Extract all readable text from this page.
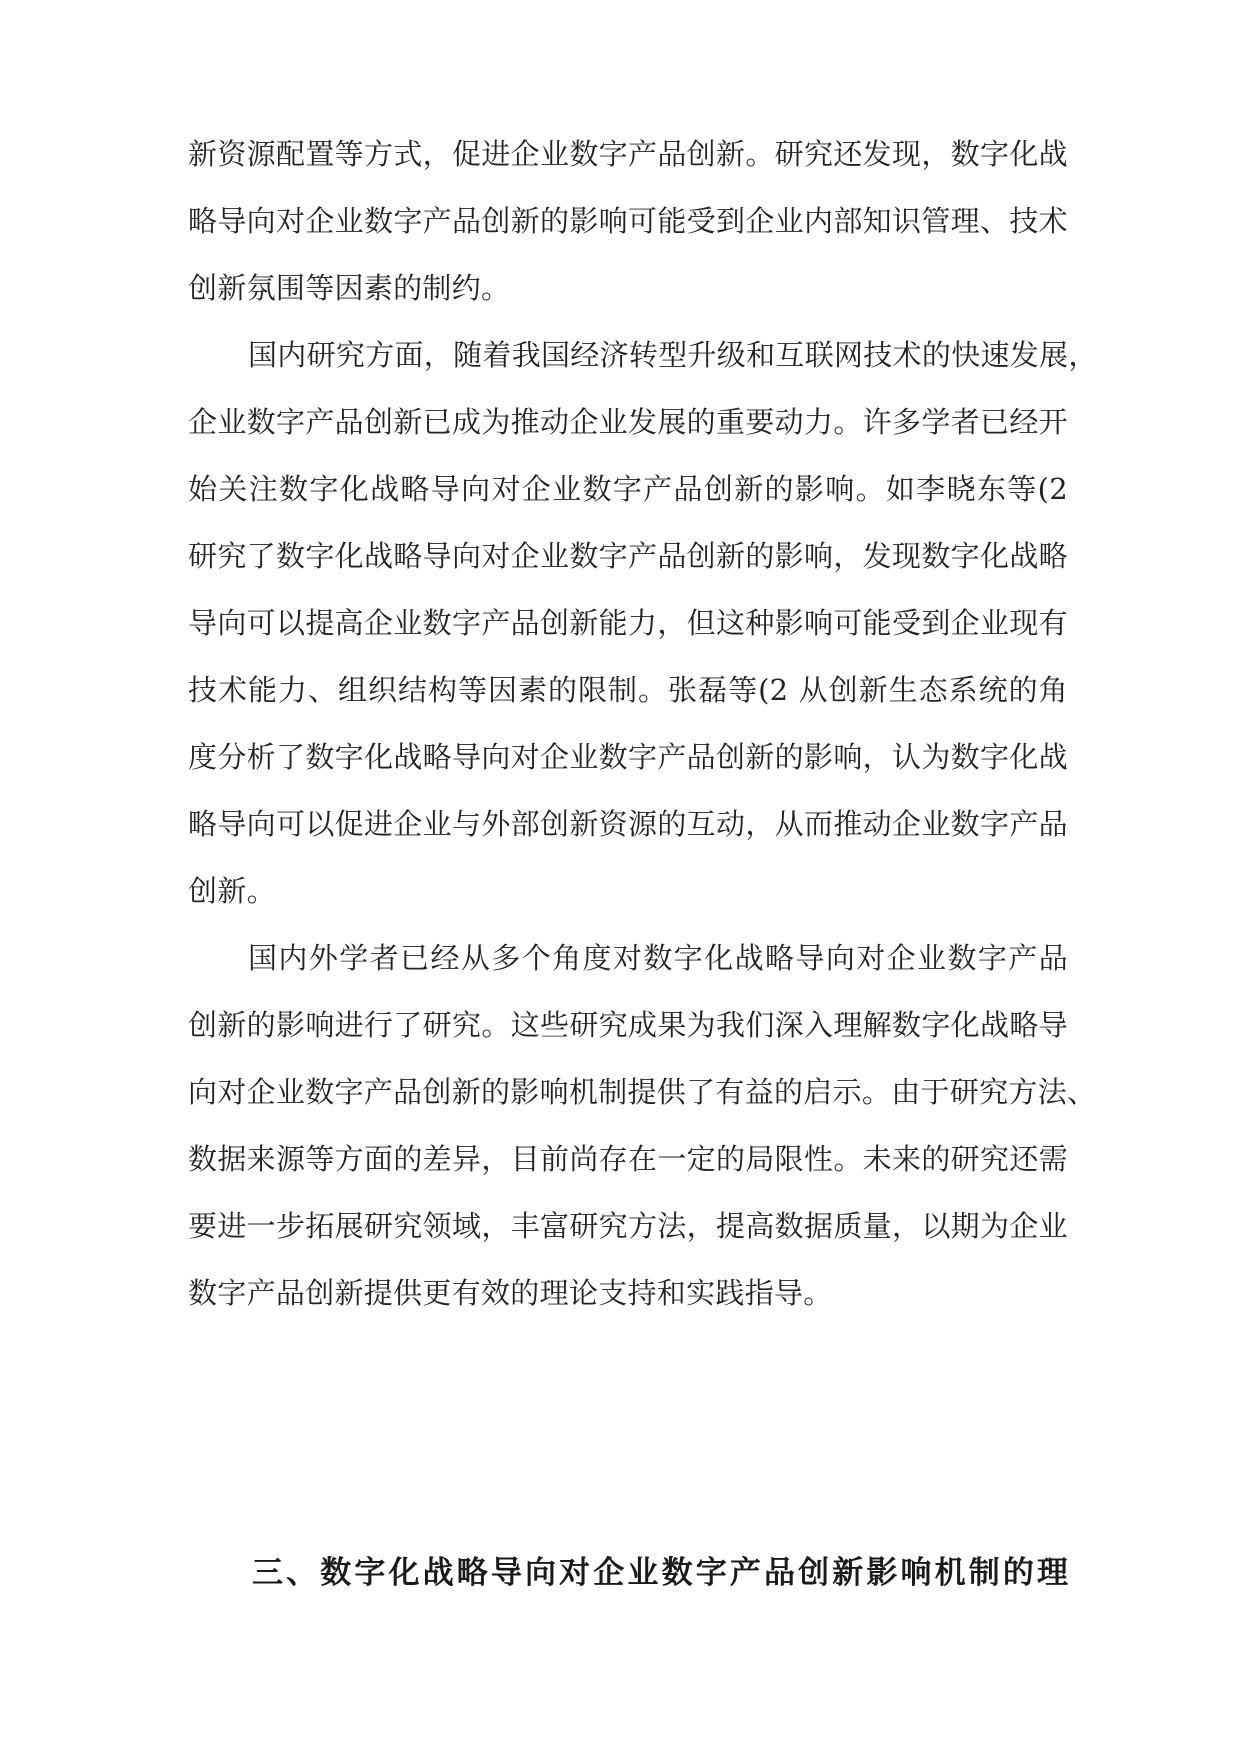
新资源配置等方式，促进企业数字产品创新。研究还发现，数字化战
略导向对企业数字产品创新的影响可能受到企业内部知识管理、技术
创新氛围等因素的制约。
国内研究方面，随着我国经济转型升级和互联网技术的快速发展，
企业数字产品创新已成为推动企业发展的重要动力。许多学者已经开
始关注数字化战略导向对企业数字产品创新的影响。如李晓东等(2
研究了数字化战略导向对企业数字产品创新的影响，发现数字化战略
导向可以提高企业数字产品创新能力，但这种影响可能受到企业现有
技术能力、组织结构等因素的限制。张磊等(2 从创新生态系统的角
度分析了数字化战略导向对企业数字产品创新的影响，认为数字化战
略导向可以促进企业与外部创新资源的互动，从而推动企业数字产品
创新。
国内外学者已经从多个角度对数字化战略导向对企业数字产品
创新的影响进行了研究。这些研究成果为我们深入理解数字化战略导
向对企业数字产品创新的影响机制提供了有益的启示。由于研究方法、
数据来源等方面的差异，目前尚存在一定的局限性。未来的研究还需
要进一步拓展研究领域，丰富研究方法，提高数据质量，以期为企业
数字产品创新提供更有效的理论支持和实践指导。
三、数字化战略导向对企业数字产品创新影响机制的理
